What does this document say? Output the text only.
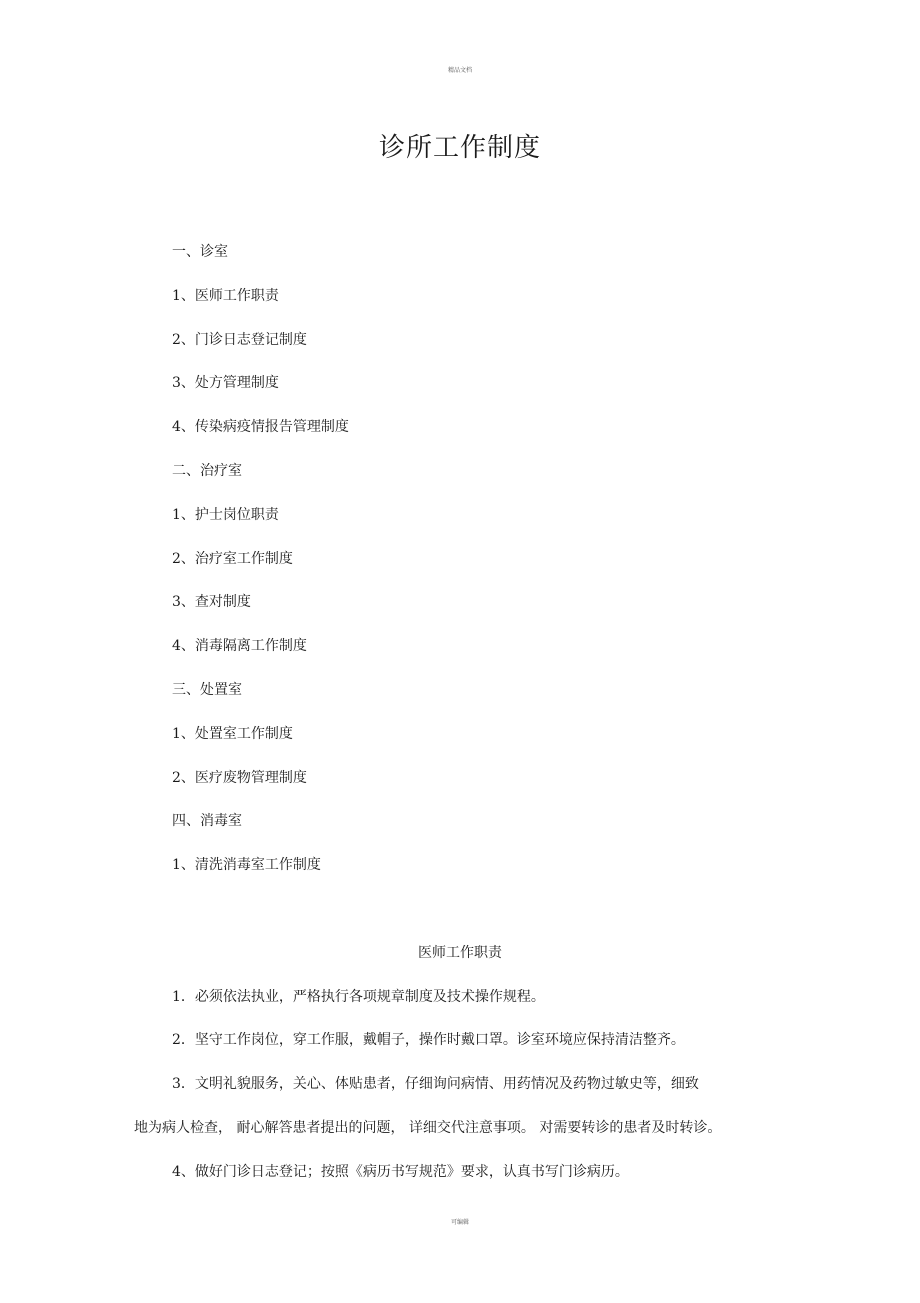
精品文档
诊所工作制度
一、诊室
1、医师工作职责
2、门诊日志登记制度
3、处方管理制度
4、传染病疫情报告管理制度
二、治疗室
1、护士岗位职责
2、治疗室工作制度
3、查对制度
4、消毒隔离工作制度
三、处置室
1、处置室工作制度
2、医疗废物管理制度
四、消毒室
1、清洗消毒室工作制度
医师工作职责

1．必须依法执业，严格执行各项规章制度及技术操作规程。

2．坚守工作岗位，穿工作服，戴帽子，操作时戴口罩。诊室环境应保持清洁整齐。

3．文明礼貌服务，关心、体贴患者，仔细询问病情、用药情况及药物过敏史等，细致

地为病人检查， 耐心解答患者提出的问题， 详细交代注意事项。 对需要转诊的患者及时转诊。

4、做好门诊日志登记；按照《病历书写规范》要求，认真书写门诊病历。

可编辑
